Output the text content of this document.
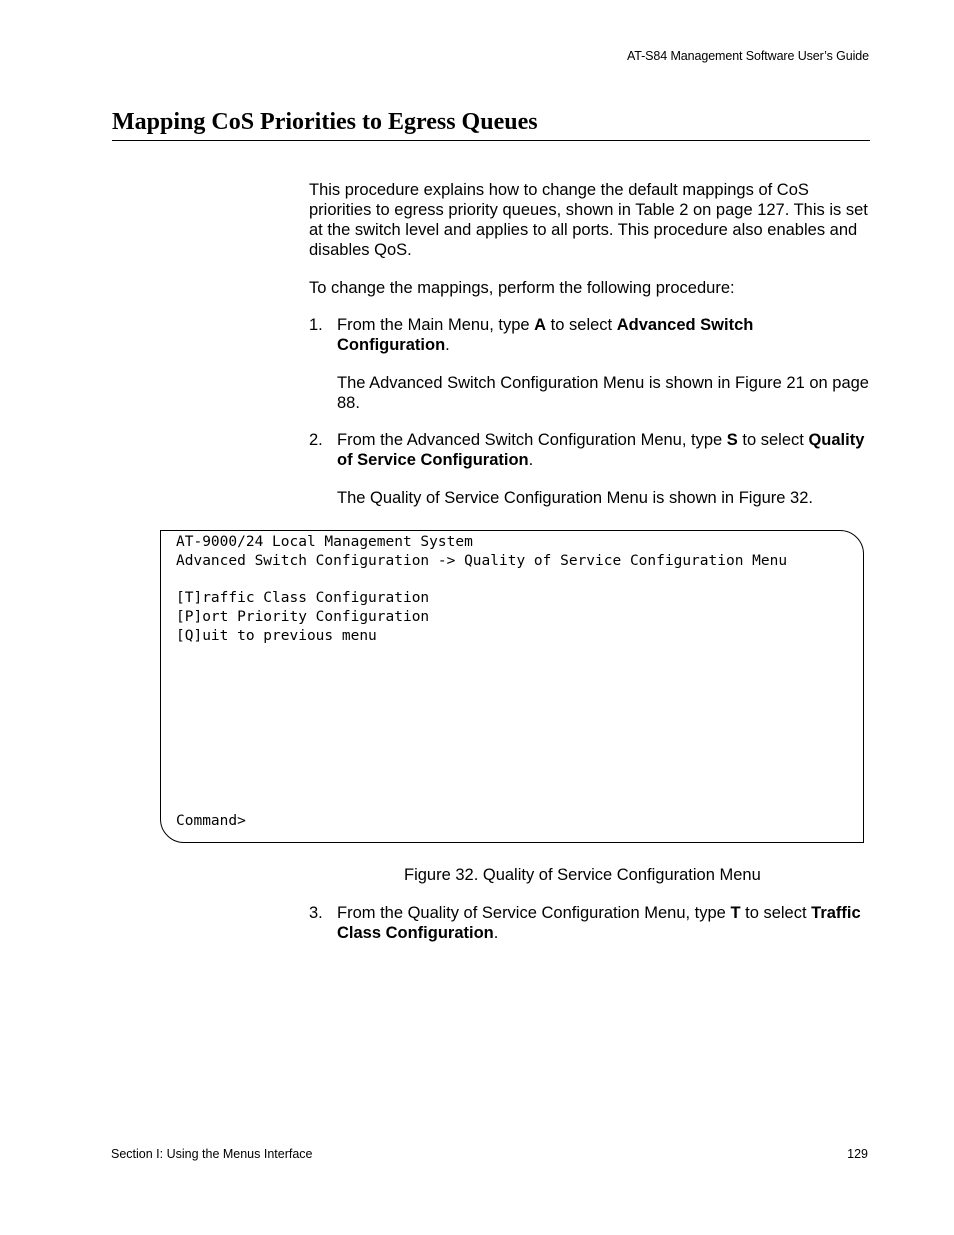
AT-S84 Management Software User’s Guide
Mapping CoS Priorities to Egress Queues

This procedure explains how to change the default mappings of CoS priorities to egress priority queues, shown in Table 2 on page 127. This is set at the switch level and applies to all ports. This procedure also enables and disables QoS.

To change the mappings, perform the following procedure:

1. From the Main Menu, type A to select Advanced Switch Configuration.

The Advanced Switch Configuration Menu is shown in Figure 21 on page 88.

2. From the Advanced Switch Configuration Menu, type S to select Quality of Service Configuration.

The Quality of Service Configuration Menu is shown in Figure 32.

AT-9000/24 Local Management System
Advanced Switch Configuration -> Quality of Service Configuration Menu

[T]raffic Class Configuration
[P]ort Priority Configuration
[Q]uit to previous menu
Command>
Figure 32. Quality of Service Configuration Menu
3. From the Quality of Service Configuration Menu, type T to select Traffic Class Configuration.
Section I: Using the Menus Interface	129
